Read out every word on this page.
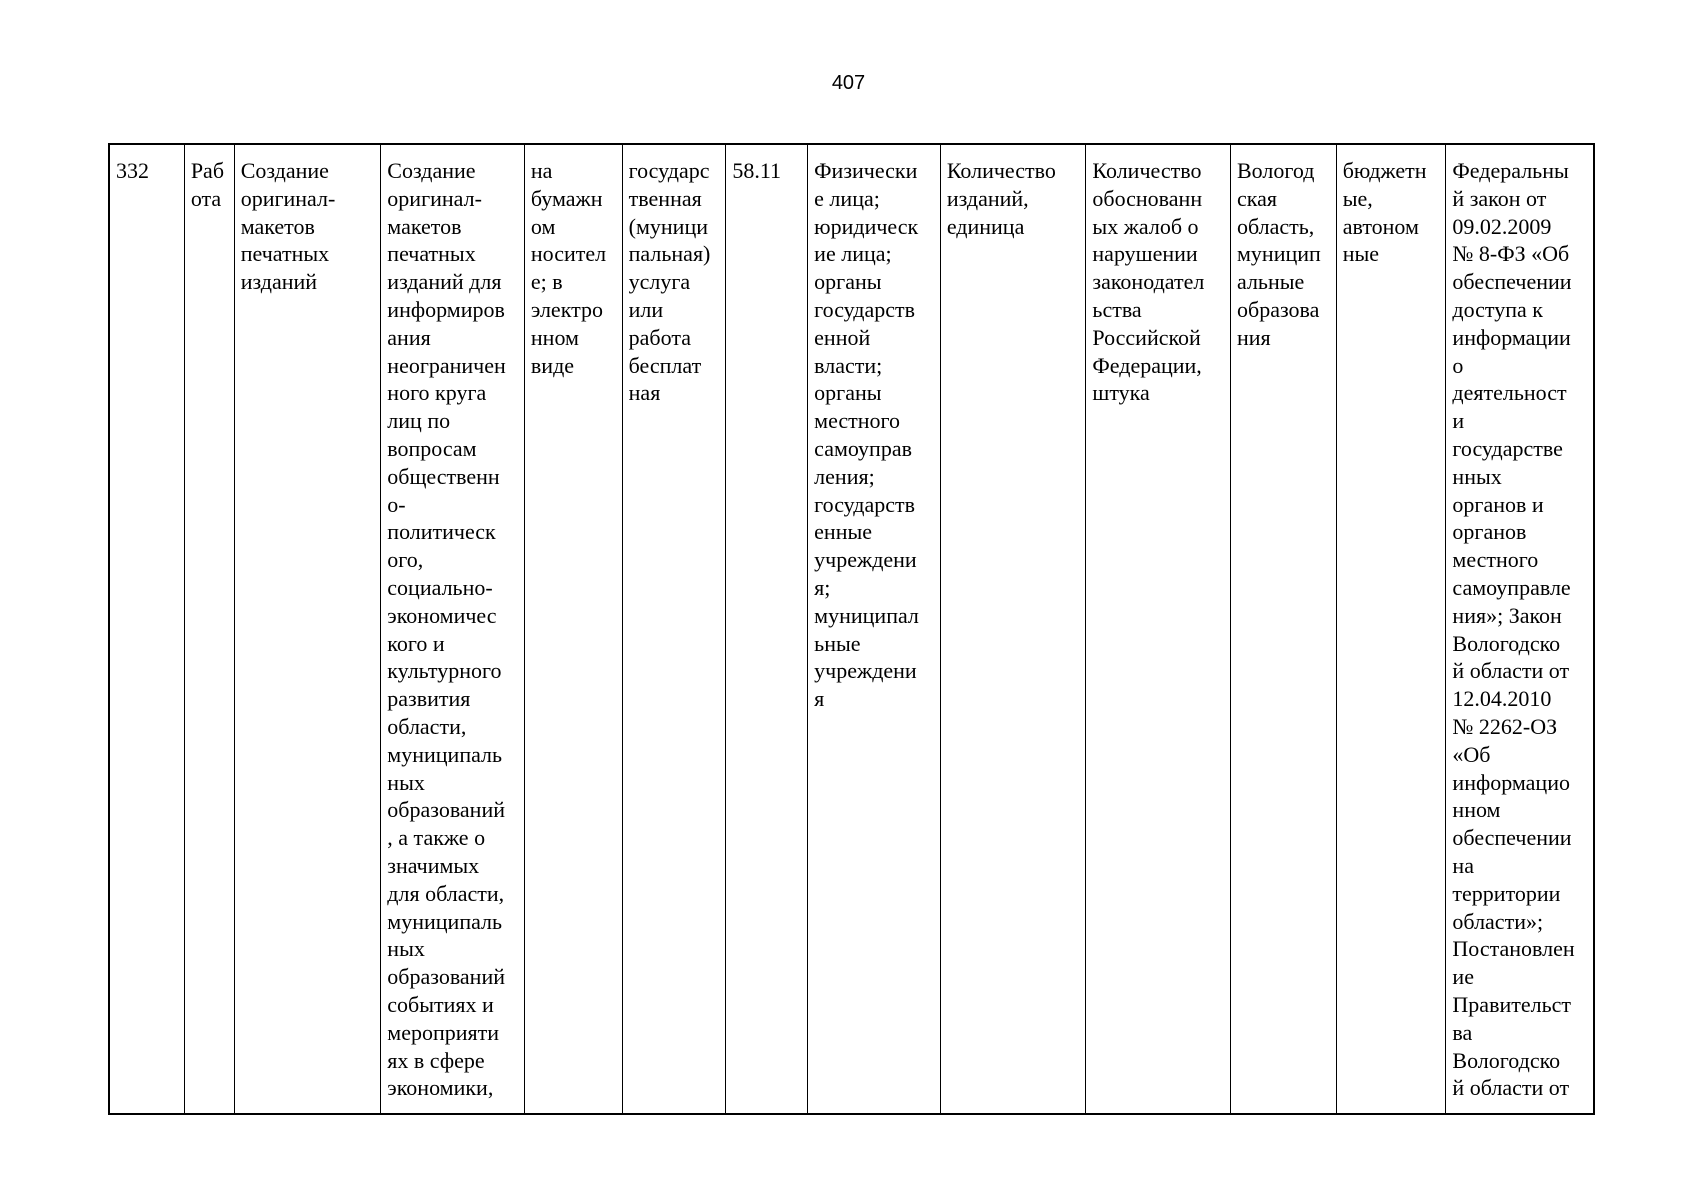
407
332	Раб
ота
Создание
оригинал-
макетов
печатных
изданий
Создание
оригинал-
макетов
печатных
изданий для
информиров
ания
неограничен
ного круга
лиц по
вопросам
общественн
о-
политическ
ого,
социально-
экономичес
кого и
культурного
развития
области,
муниципаль
ных
образований
, а также о
значимых
для области,
муниципаль
ных
образований
событиях и
мероприяти
ях в сфере
экономики,
на
бумажн
ом
носител
е; в
электро
нном
виде
государс
твенная
(муници
пальная)
услуга
или
работа
бесплат
ная
58.11	Физически
е лица;
юридическ
ие лица;
органы
государств
енной
власти;
органы
местного
самоуправ
ления;
государств
енные
учреждени
я;
муниципал
ьные
учреждени
я
Количество
изданий,
единица
Количество
обоснованн
ых жалоб о
нарушении
законодател
ьства
Российской
Федерации,
штука
Вологод
ская
область,
муницип
альные
образова
ния
бюджетн
ые,
автоном
ные
Федеральны
й закон от
09.02.2009
№ 8-ФЗ «Об
обеспечении
доступа к
информации
о
деятельност
и
государстве
нных
органов и
органов
местного
самоуправле
ния»; Закон
Вологодско
й области от
12.04.2010
№ 2262-ОЗ
«Об
информацио
нном
обеспечении
на
территории
области»;
Постановлен
ие
Правительст
ва
Вологодско
й области от
